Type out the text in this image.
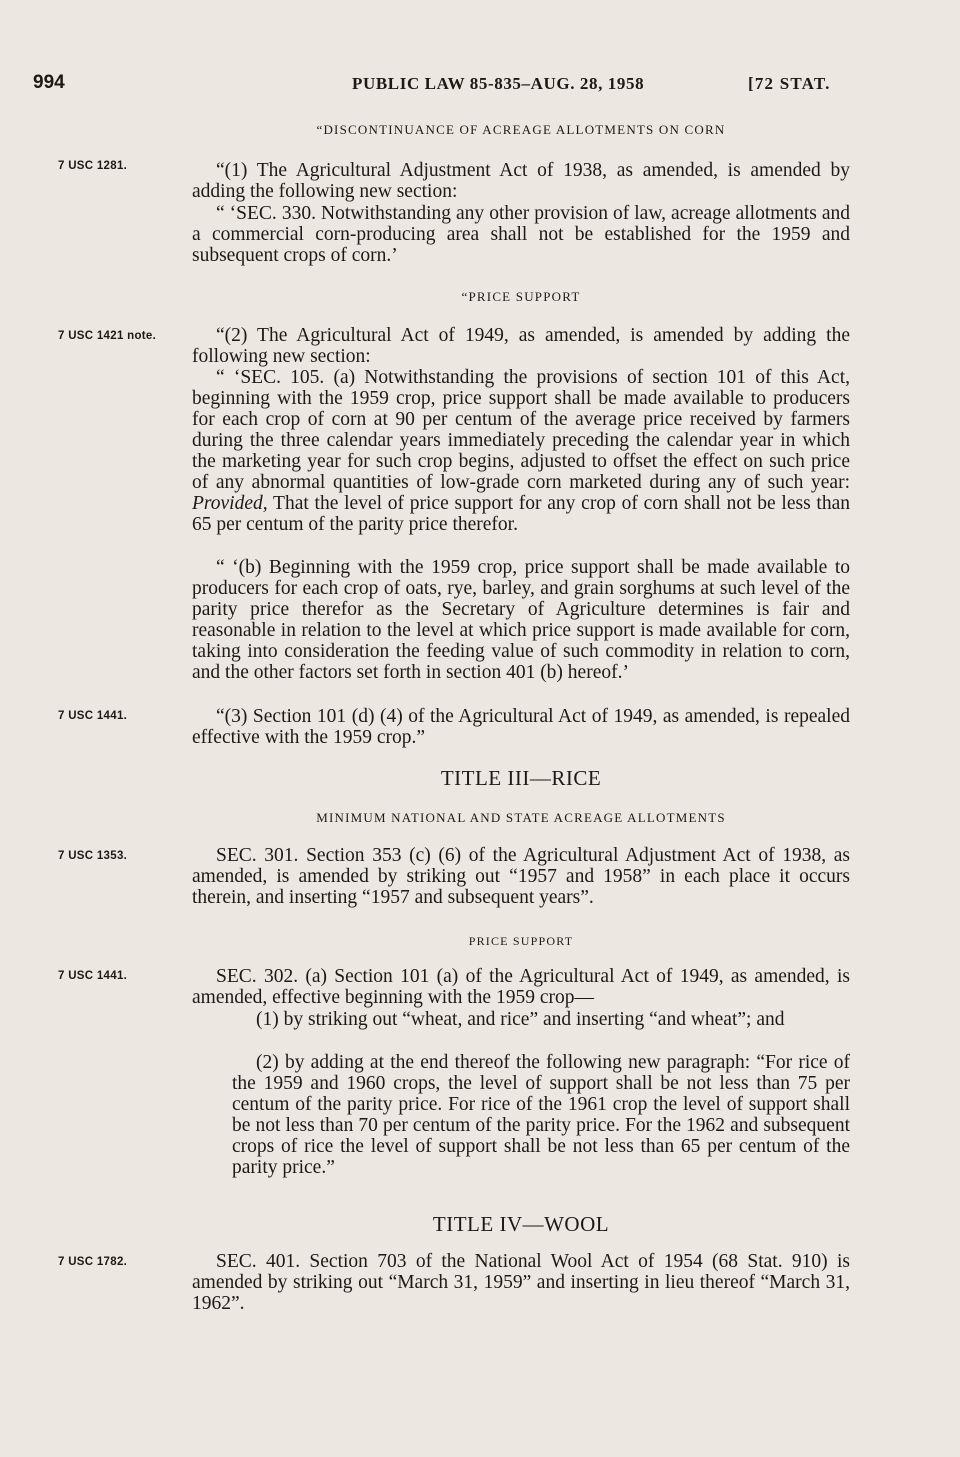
994	PUBLIC LAW 85-835–AUG. 28, 1958	[72 STAT.
“DISCONTINUANCE OF ACREAGE ALLOTMENTS ON CORN
7 USC 1281.	“(1) The Agricultural Adjustment Act of 1938, as amended, is amended by adding the following new section:

“ ‘SEC. 330. Notwithstanding any other provision of law, acreage allotments and a commercial corn-producing area shall not be established for the 1959 and subsequent crops of corn.’

“PRICE SUPPORT
7 USC 1421 note.	“(2) The Agricultural Act of 1949, as amended, is amended by adding the following new section:

“ ‘SEC. 105. (a) Notwithstanding the provisions of section 101 of this Act, beginning with the 1959 crop, price support shall be made available to producers for each crop of corn at 90 per centum of the average price received by farmers during the three calendar years immediately preceding the calendar year in which the marketing year for such crop begins, adjusted to offset the effect on such price of any abnormal quantities of low-grade corn marketed during any of such year: Provided, That the level of price support for any crop of corn shall not be less than 65 per centum of the parity price therefor.

“ ‘(b) Beginning with the 1959 crop, price support shall be made available to producers for each crop of oats, rye, barley, and grain sorghums at such level of the parity price therefor as the Secretary of Agriculture determines is fair and reasonable in relation to the level at which price support is made available for corn, taking into consideration the feeding value of such commodity in relation to corn, and the other factors set forth in section 401 (b) hereof.’

7 USC 1441.	“(3) Section 101 (d) (4) of the Agricultural Act of 1949, as amended, is repealed effective with the 1959 crop.”

TITLE III—RICE
MINIMUM NATIONAL AND STATE ACREAGE ALLOTMENTS
7 USC 1353.	SEC. 301. Section 353 (c) (6) of the Agricultural Adjustment Act of 1938, as amended, is amended by striking out “1957 and 1958” in each place it occurs therein, and inserting “1957 and subsequent years”.

PRICE SUPPORT
7 USC 1441.	SEC. 302. (a) Section 101 (a) of the Agricultural Act of 1949, as amended, is amended, effective beginning with the 1959 crop—

(1) by striking out “wheat, and rice” and inserting “and wheat”; and

(2) by adding at the end thereof the following new paragraph: “For rice of the 1959 and 1960 crops, the level of support shall be not less than 75 per centum of the parity price. For rice of the 1961 crop the level of support shall be not less than 70 per centum of the parity price. For the 1962 and subsequent crops of rice the level of support shall be not less than 65 per centum of the parity price.”

TITLE IV—WOOL
7 USC 1782.	SEC. 401. Section 703 of the National Wool Act of 1954 (68 Stat. 910) is amended by striking out “March 31, 1959” and inserting in lieu thereof “March 31, 1962”.
